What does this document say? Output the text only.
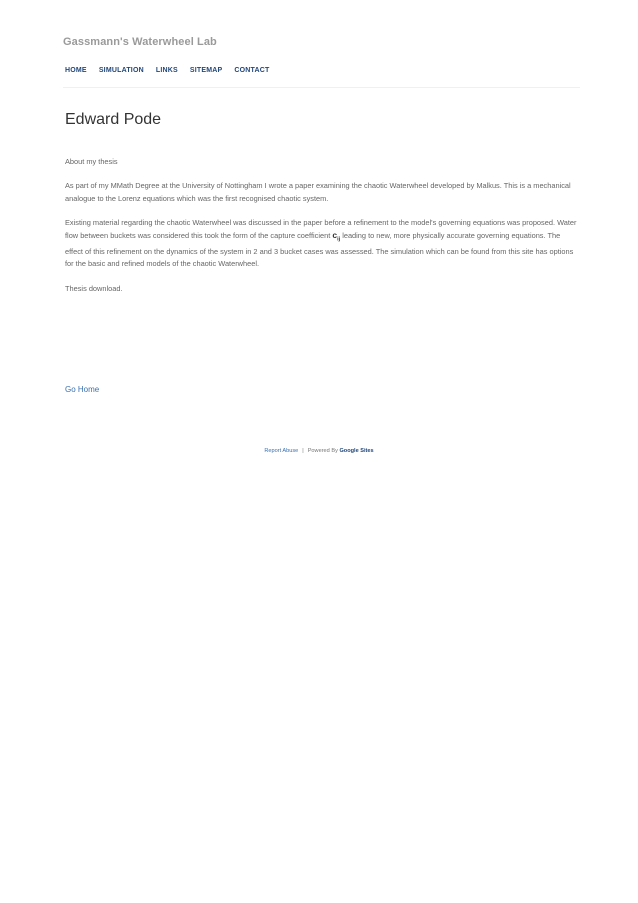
Gassmann's Waterwheel Lab
HOME SIMULATION LINKS SITEMAP CONTACT
Edward Pode

About my thesis

As part of my MMath Degree at the University of Nottingham I wrote a paper examining the chaotic Waterwheel developed by Malkus. This is a mechanical analogue to the Lorenz equations which was the first recognised chaotic system.

Existing material regarding the chaotic Waterwheel was discussed in the paper before a refinement to the model's governing equations was proposed. Water flow between buckets was considered this took the form of the capture coefficient $c_{ij}$ leading to new, more physically accurate governing equations. The effect of this refinement on the dynamics of the system in 2 and 3 bucket cases was assessed. The simulation which can be found from this site has options for the basic and refined models of the chaotic Waterwheel.

Thesis download.

Go Home
Report Abuse | Powered By Google Sites
